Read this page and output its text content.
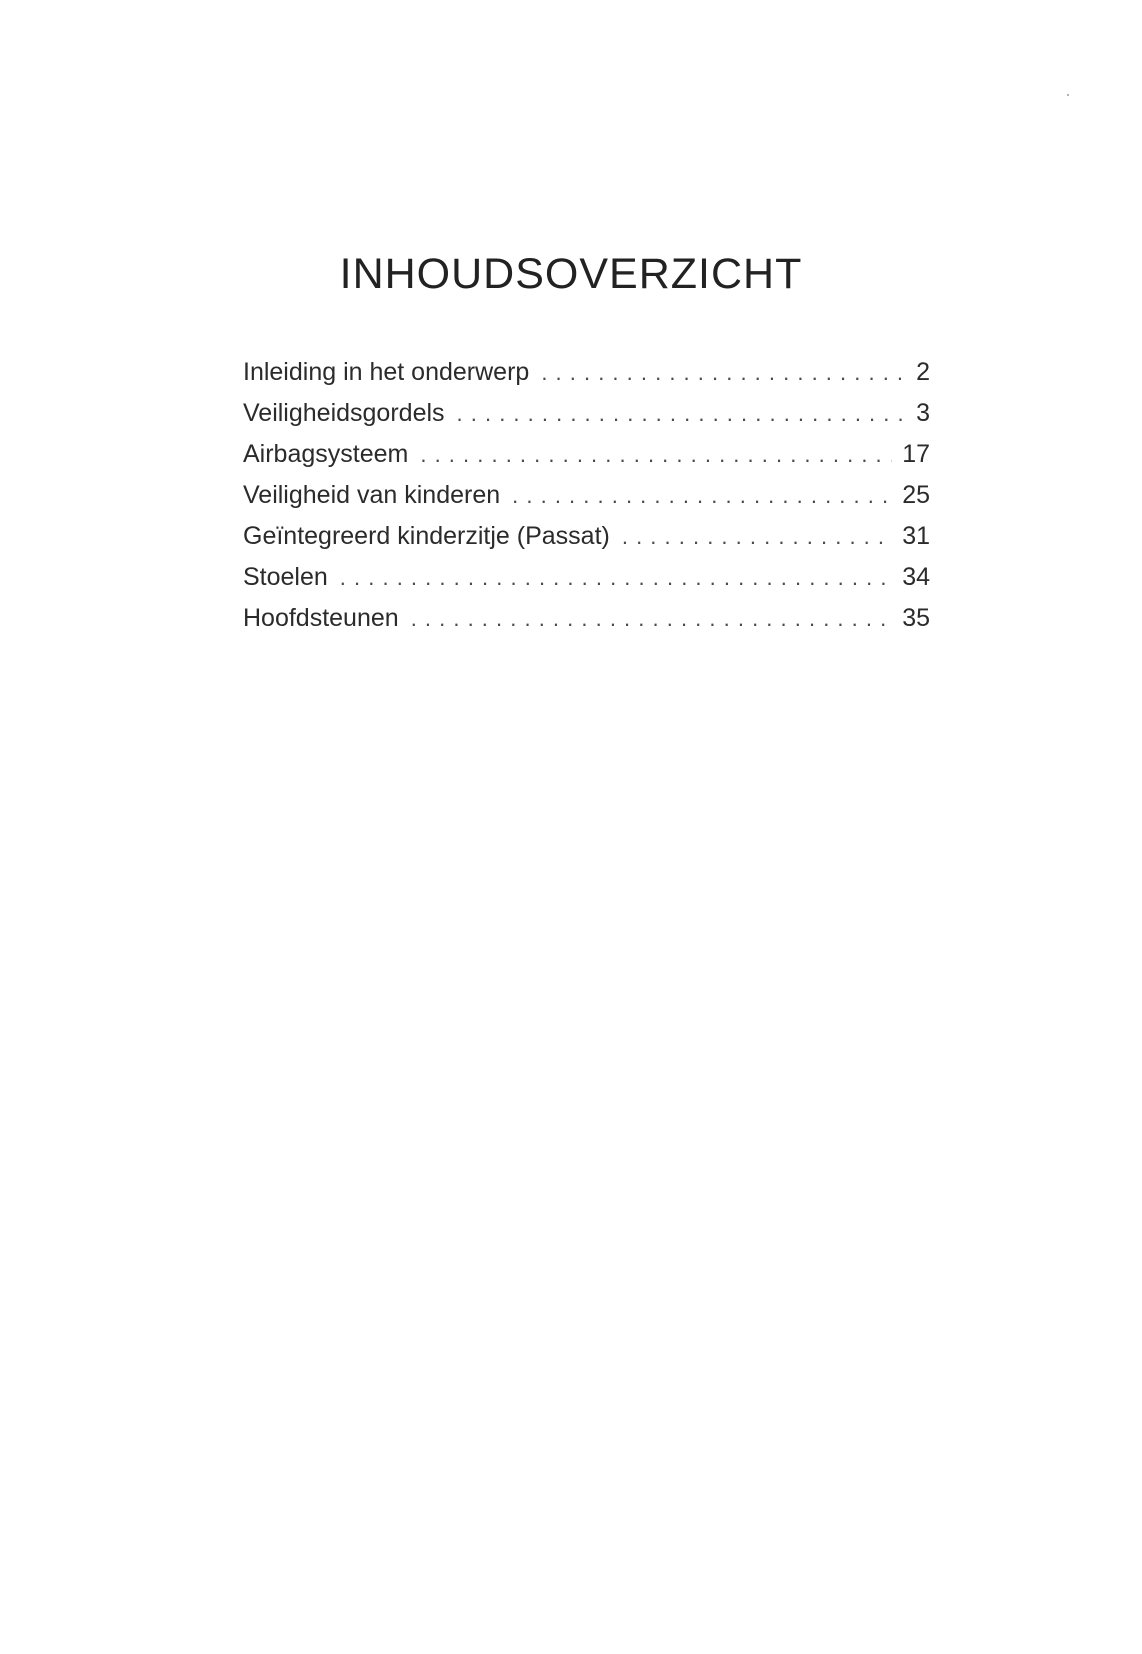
INHOUDSOVERZICHT
Inleiding in het onderwerp . . .	2
Veiligheidsgordels . . .	3
Airbagsysteem . . .	17
Veiligheid van kinderen . . .	25
Geïntegreerd kinderzitje (Passat) . . .	31
Stoelen . . .	34
Hoofdsteunen . . .	35
